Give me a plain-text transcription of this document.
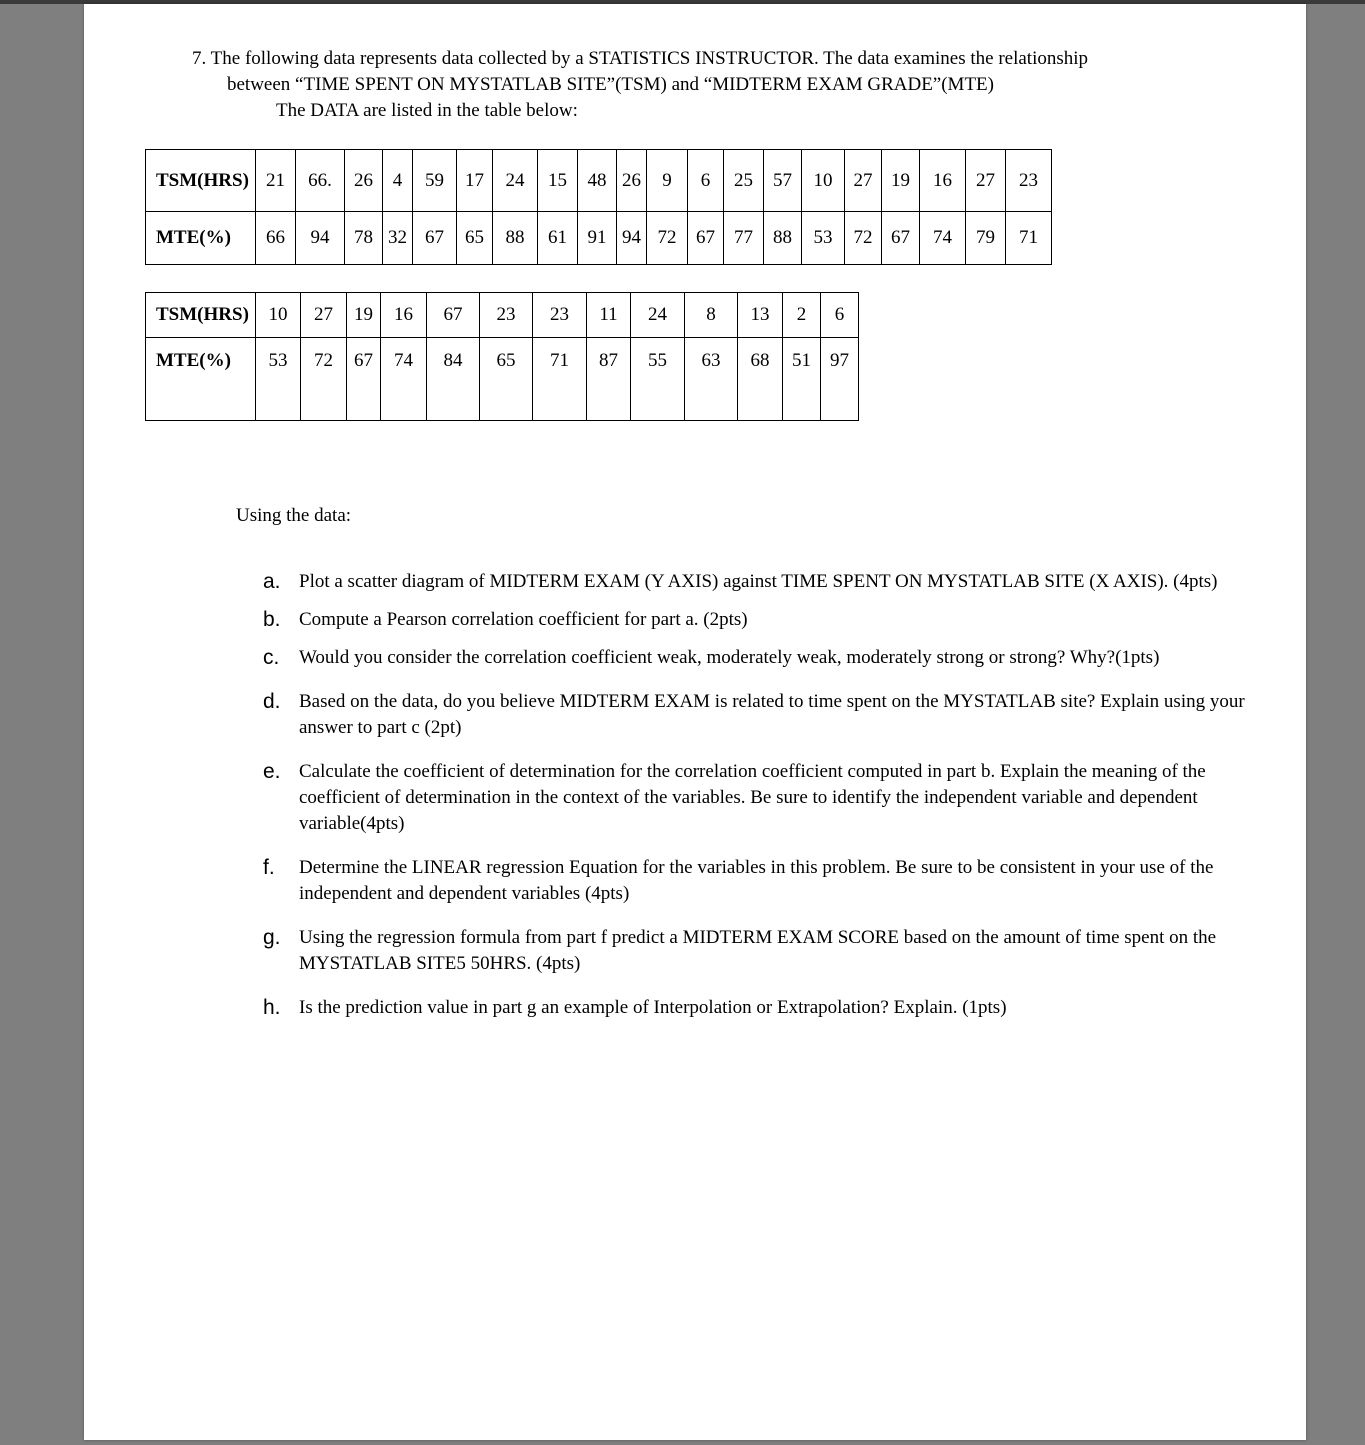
7. The following data represents data collected by a STATISTICS INSTRUCTOR. The data examines the relationship
between “TIME SPENT ON MYSTATLAB SITE”(TSM) and “MIDTERM EXAM GRADE”(MTE)
The DATA are listed in the table below:
TSM(HRS)	21	66.	26	4	59	17	24	15	48	26	9	6	25	57	10	27	19	16	27	23
MTE(%)	66	94	78	32	67	65	88	61	91	94	72	67	77	88	53	72	67	74	79	71
TSM(HRS)	10	27	19	16	67	23	23	11	24	8	13	2	6
MTE(%)	53	72	67	74	84	65	71	87	55	63	68	51	97
Using the data:
a. Plot a scatter diagram of MIDTERM EXAM (Y AXIS) against TIME SPENT ON MYSTATLAB SITE (X AXIS). (4pts)
b. Compute a Pearson correlation coefficient for part a. (2pts)
c. Would you consider the correlation coefficient weak, moderately weak, moderately strong or strong? Why?(1pts)
d. Based on the data, do you believe MIDTERM EXAM is related to time spent on the MYSTATLAB site? Explain using your answer to part c (2pt)
e. Calculate the coefficient of determination for the correlation coefficient computed in part b. Explain the meaning of the coefficient of determination in the context of the variables. Be sure to identify the independent variable and dependent variable(4pts)
f. Determine the LINEAR regression Equation for the variables in this problem. Be sure to be consistent in your use of the independent and dependent variables (4pts)
g. Using the regression formula from part f predict a MIDTERM EXAM SCORE based on the amount of time spent on the MYSTATLAB SITE5 50HRS. (4pts)
h. Is the prediction value in part g an example of Interpolation or Extrapolation? Explain. (1pts)
